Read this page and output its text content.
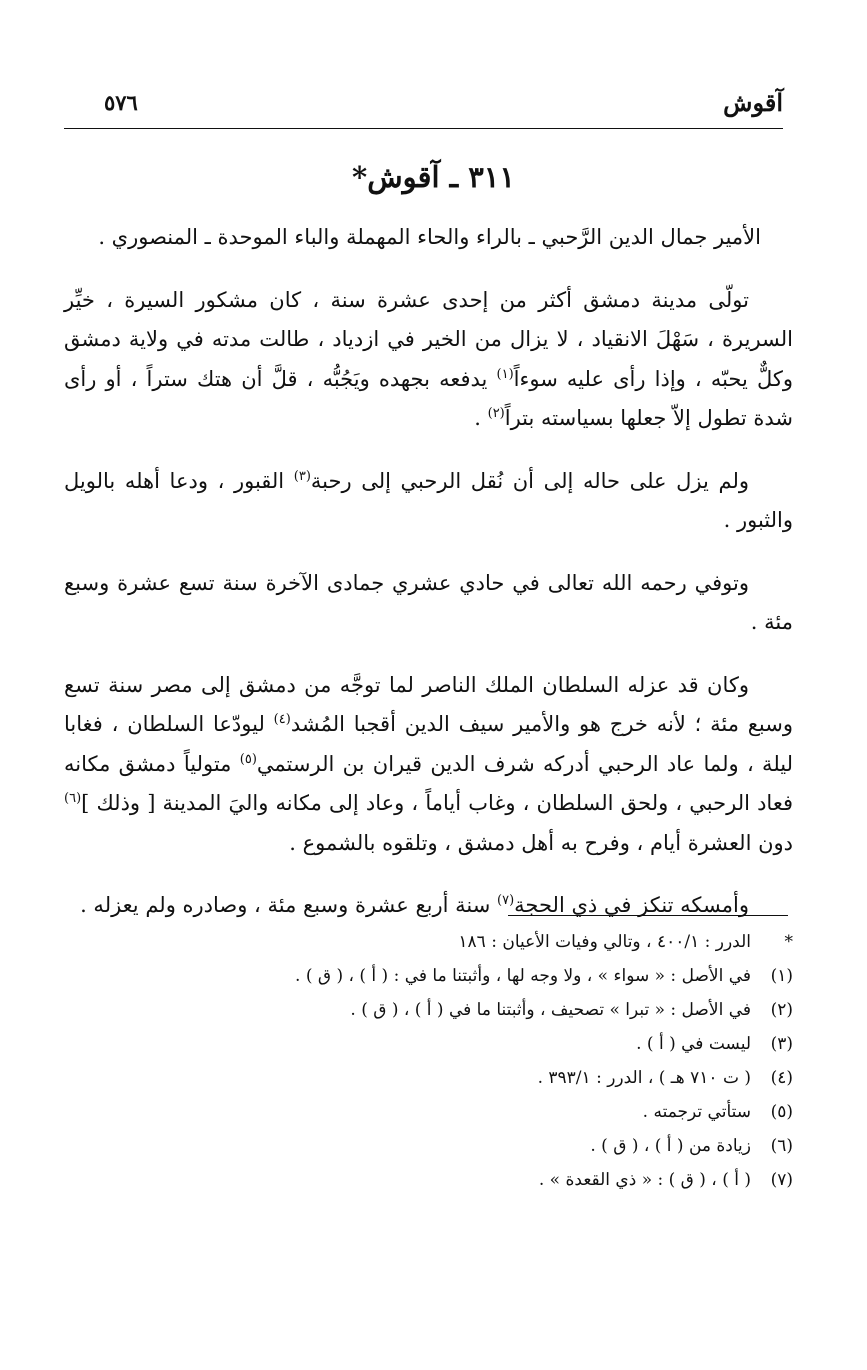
آقوش
٥٧٦
٣١١ ـ آقوش*

الأمير جمال الدين الرَّحبي ـ بالراء والحاء المهملة والباء الموحدة ـ المنصوري .

تولّى مدينة دمشق أكثر من إحدى عشرة سنة ، كان مشكور السيرة ، خيِّر السريرة ، سَهْلَ الانقياد ، لا يزال من الخير في ازدياد ، طالت مدته في ولاية دمشق وكلٌّ يحبّه ، وإذا رأى عليه سوءاً$^{(١)}$ يدفعه بجهده ويَجُبُّه ، قلَّ أن هتك ستراً ، أو رأى شدة تطول إلاّ جعلها بسياسته بتراً$^{(٢)}$ .

ولم يزل على حاله إلى أن نُقل الرحبي إلى رحبة$^{(٣)}$ القبور ، ودعا أهله بالويل والثبور .

وتوفي رحمه الله تعالى في حادي عشري جمادى الآخرة سنة تسع عشرة وسبع مئة .

وكان قد عزله السلطان الملك الناصر لما توجَّه من دمشق إلى مصر سنة تسع وسبع مئة ؛ لأنه خرج هو والأمير سيف الدين أقجبا المُشد$^{(٤)}$ ليودّعا السلطان ، فغابا ليلة ، ولما عاد الرحبي أدركه شرف الدين قيران بن الرستمي$^{(٥)}$ متولياً دمشق مكانه فعاد الرحبي ، ولحق السلطان ، وغاب أياماً ، وعاد إلى مكانه واليَ المدينة [ وذلك ]$^{(٦)}$ دون العشرة أيام ، وفرح به أهل دمشق ، وتلقوه بالشموع .

وأمسكه تنكز في ذي الحجة$^{(٧)}$ سنة أربع عشرة وسبع مئة ، وصادره ولم يعزله .

*
الدرر : ٤٠٠/١ ، وتالي وفيات الأعيان : ١٨٦
(١)
في الأصل : « سواء » ، ولا وجه لها ، وأثبتنا ما في : ( أ ) ، ( ق ) .
(٢)
في الأصل : « تبرا » تصحيف ، وأثبتنا ما في ( أ ) ، ( ق ) .
(٣)
ليست في ( أ ) .
(٤)
( ت ٧١٠ هـ ) ، الدرر : ٣٩٣/١ .
(٥)
ستأتي ترجمته .
(٦)
زيادة من ( أ ) ، ( ق ) .
(٧)
( أ ) ، ( ق ) : « ذي القعدة » .
